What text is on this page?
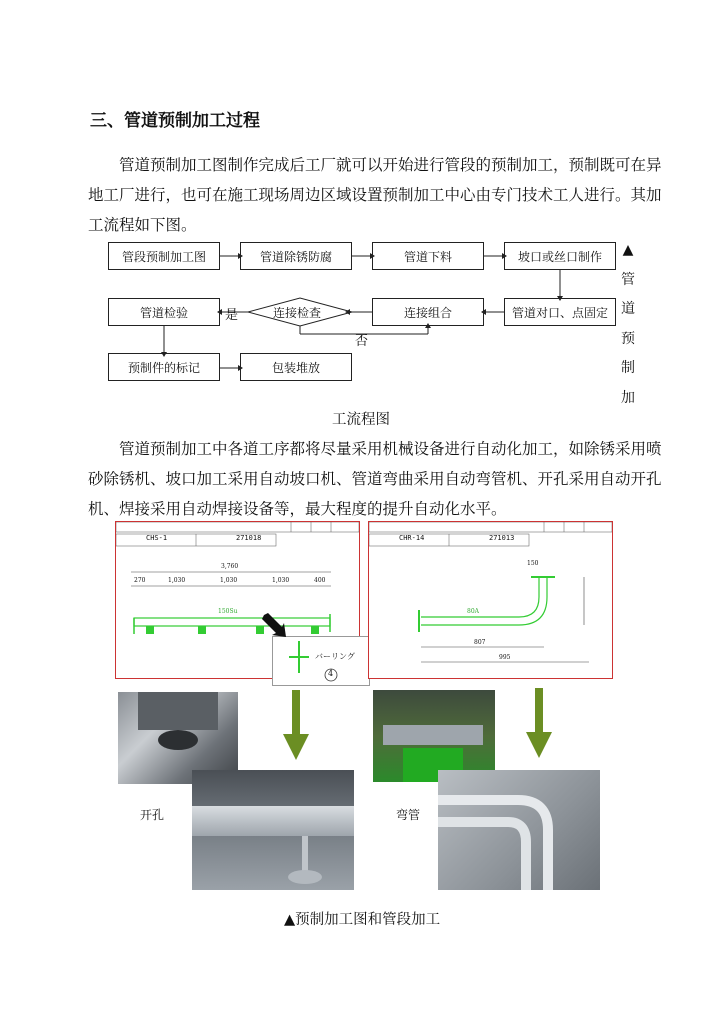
三、管道预制加工过程
管道预制加工图制作完成后工厂就可以开始进行管段的预制加工，预制既可在异
地工厂进行，也可在施工现场周边区域设置预制加工中心由专门技术工人进行。其加
工流程如下图。
管段预制加工图	管道除锈防腐	管道下料	坡口或丝口制作
管道检验	连接组合	管道对口、点固定
预制件的标记	包装堆放
连接检查
是
否
▲
管
道
预
制
加
工流程图
管道预制加工中各道工序都将尽量采用机械设备进行自动化加工，如除锈采用喷
砂除锈机、坡口加工采用自动坡口机、管道弯曲采用自动弯管机、开孔采用自动开孔
机、焊接采用自动焊接设备等，最大程度的提升自动化水平。
CHS-1	271018
3,760
270	1,030	1,030	1,030	400
150Su
バーリング
4
CHR-14	271013
150
80A
807
995
开孔	弯管
▲预制加工图和管段加工
